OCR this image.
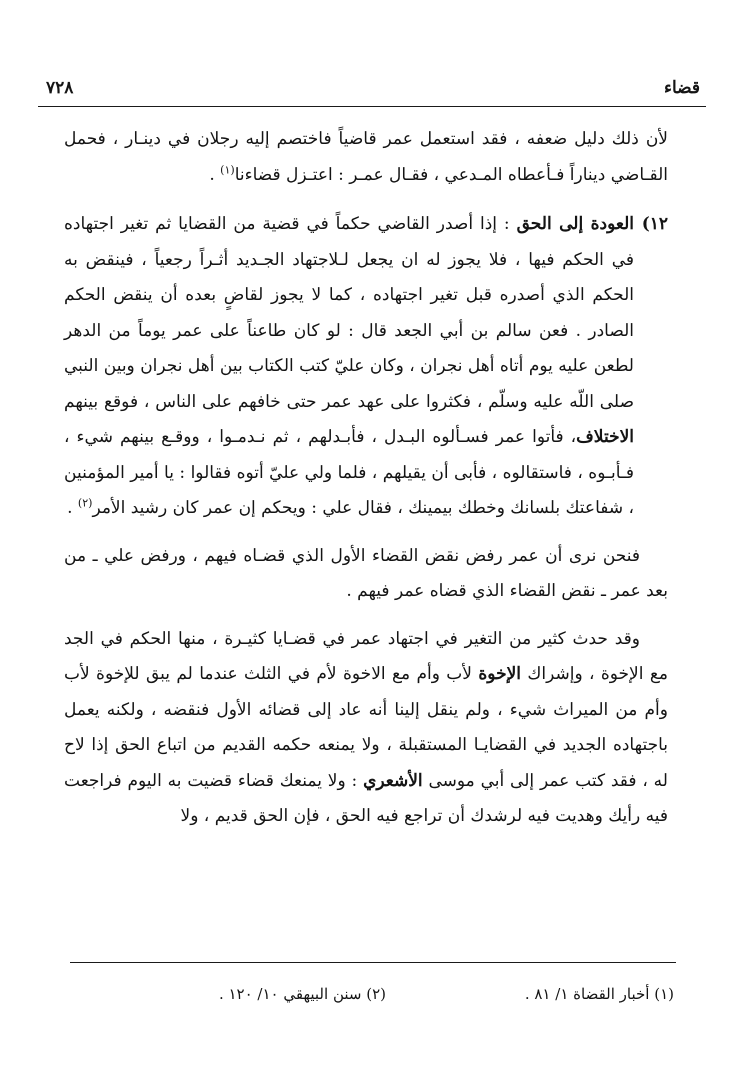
قضاء
٧٢٨

لأن ذلك دليل ضعفه ، فقد استعمل عمر قاضياً فاختصم إليه رجلان في دينـار ، فحمل القـاضي ديناراً فـأعطاه المـدعي ، فقـال عمـر : اعتـزل قضاءنا$^{(١)}$ .

١٢)
العودة إلى الحق : إذا أصدر القاضي حكماً في قضية من القضايا ثم تغير اجتهاده في الحكم فيها ، فلا يجوز له ان يجعل لـلاجتهاد الجـديد أثـراً رجعياً ، فينقض به الحكم الذي أصدره قبل تغير اجتهاده ، كما لا يجوز لقاضٍ بعده أن ينقض الحكم الصادر . فعن سالم بن أبي الجعد قال : لو كان طاعناً على عمر يوماً من الدهر لطعن عليه يوم أتاه أهل نجران ، وكان عليّ كتب الكتاب بين أهل نجران وبين النبي صلى اللّه عليه وسلّم ، فكثروا على عهد عمر حتى خافهم على الناس ، فوقع بينهم الاختلاف، فأتوا عمر فسـألوه البـدل ، فأبـدلهم ، ثم نـدمـوا ، ووقـع بينهم شيء ، فـأبـوه ، فاستقالوه ، فأبى أن يقيلهم ، فلما ولي عليّ أتوه فقالوا : يا أمير المؤمنين ، شفاعتك بلسانك وخطك بيمينك ، فقال علي : ويحكم إن عمر كان رشيد الأمر$^{(٢)}$ .

فنحن نرى أن عمر رفض نقض القضاء الأول الذي قضـاه فيهم ، ورفض علي ـ من بعد عمر ـ نقض القضاء الذي قضاه عمر فيهم .

وقد حدث كثير من التغير في اجتهاد عمر في قضـايا كثيـرة ، منها الحكم في الجد مع الإخوة ، وإشراك الإخوة لأب وأم مع الاخوة لأم في الثلث عندما لم يبق للإخوة لأب وأم من الميراث شيء ، ولم ينقل إلينا أنه عاد إلى قضائه الأول فنقضه ، ولكنه يعمل باجتهاده الجديد في القضايـا المستقبلة ، ولا يمنعه حكمه القديم من اتباع الحق إذا لاح له ، فقد كتب عمر إلى أبي موسى الأشعري : ولا يمنعك قضاء قضيت به اليوم فراجعت فيه رأيك وهديت فيه لرشدك أن تراجع فيه الحق ، فإن الحق قديم ، ولا

(١) أخبار القضاة ١/ ٨١ .
(٢) سنن البيهقي ١٠/ ١٢٠ .
